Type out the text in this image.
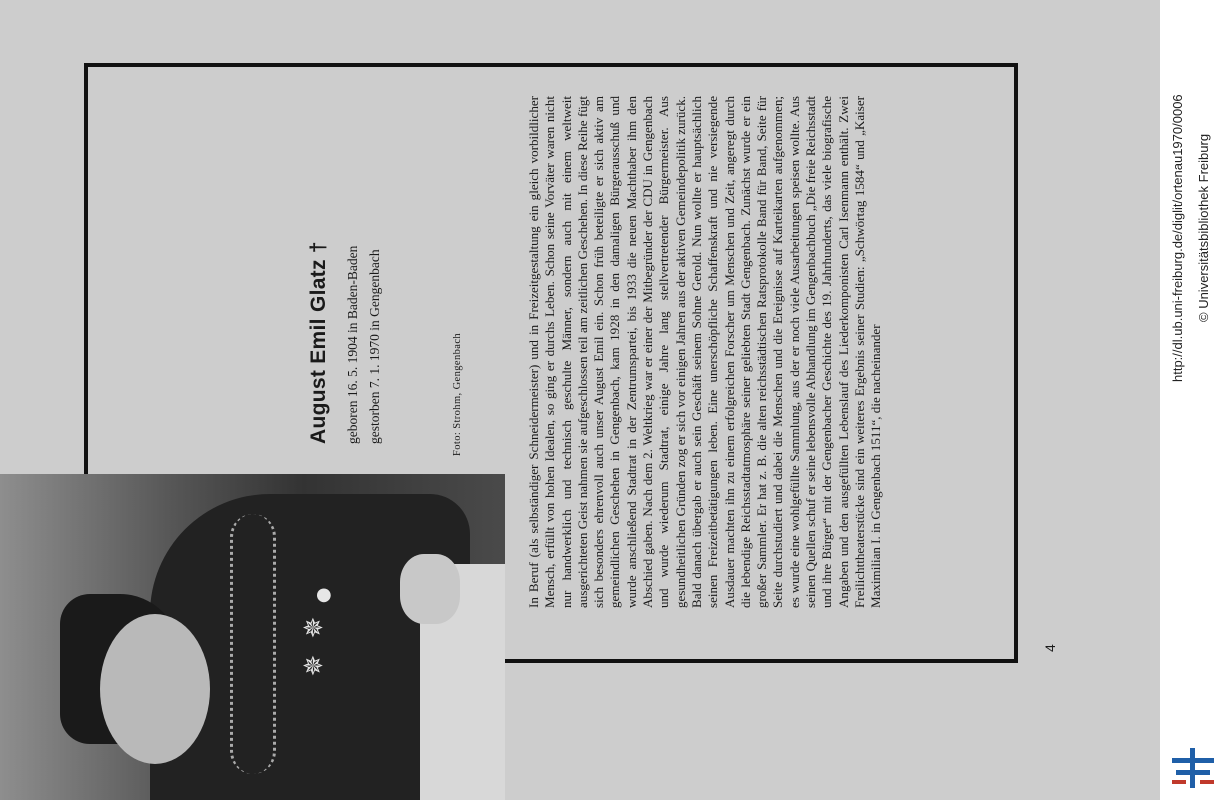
✵
✵
●
August Emil Glatz † geboren 16. 5. 1904 in Baden-Baden gestorben 7. 1. 1970 in Gengenbach	Foto: Strohm, Gengenbach	In Beruf (als selbständiger Schneidermeister) und in Freizeitgestaltung ein gleich vorbildlicher Mensch, erfüllt von hohen Idealen, so ging er durchs Leben. Schon seine Vorväter waren nicht nur handwerklich und technisch geschulte Männer, sondern auch mit einem weltweit ausgerichteten Geist nahmen sie aufgeschlossen teil am zeitlichen Geschehen. In diese Reihe fügt sich besonders ehrenvoll auch unser August Emil ein. Schon früh beteiligte er sich aktiv am gemeindlichen Geschehen in Gengenbach, kam 1928 in den damaligen Bürgerausschuß und wurde anschließend Stadtrat in der Zentrumspartei, bis 1933 die neuen Machthaber ihm den Abschied gaben. Nach dem 2. Weltkrieg war er einer der Mitbegründer der CDU in Gengenbach und wurde wiederum Stadtrat, einige Jahre lang stellvertretender Bürgermeister. Aus gesundheitlichen Gründen zog er sich vor einigen Jahren aus der aktiven Gemeindepolitik zurück. Bald danach übergab er auch sein Geschäft seinem Sohne Gerold. Nun wollte er hauptsächlich seinen Freizeitbetätigungen leben. Eine unerschöpfliche Schaffenskraft und nie versiegende Ausdauer machten ihn zu einem erfolgreichen Forscher um Menschen und Zeit, angeregt durch die lebendige Reichsstadtatmosphäre seiner geliebten Stadt Gengenbach. Zunächst wurde er ein großer Sammler. Er hat z. B. die alten reichsstädtischen Ratsprotokolle Band für Band, Seite für Seite durchstudiert und dabei die Menschen und die Ereignisse auf Karteikarten aufgenommen; es wurde eine wohlgefüllte Sammlung, aus der er noch viele Ausarbeitungen speisen wollte. Aus seinen Quellen schuf er seine lebensvolle Abhandlung im Gengenbachbuch „Die freie Reichsstadt und ihre Bürger“ mit der Gengenbacher Geschichte des 19. Jahrhunderts, das viele biografische Angaben und den ausgefüllten Lebenslauf des Liederkomponisten Carl Isenmann enthält. Zwei Freilichttheaterstücke sind ein weiteres Ergebnis seiner Studien: „Schwörtag 1584“ und „Kaiser Maximilian I. in Gengenbach 1511“, die nacheinander

4
http://dl.ub.uni-freiburg.de/diglit/ortenau1970/0006 © Universitätsbibliothek Freiburg
